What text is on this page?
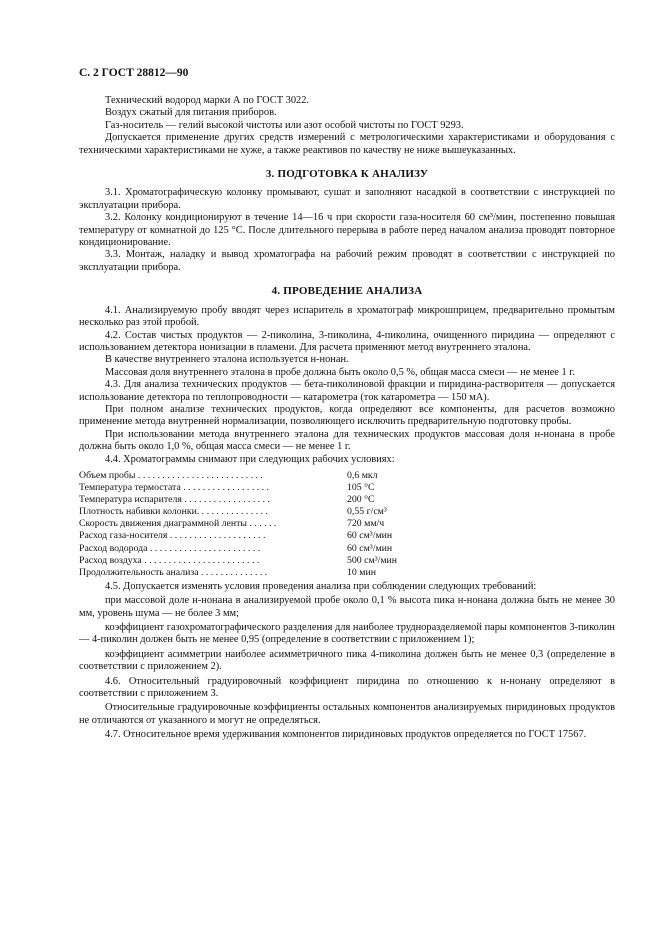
С. 2 ГОСТ 28812—90

Технический водород марки А по ГОСТ 3022.

Воздух сжатый для питания приборов.

Газ-носитель — гелий высокой чистоты или азот особой чистоты по ГОСТ 9293.

Допускается применение других средств измерений с метрологическими характеристиками и оборудования с техническими характеристиками не хуже, а также реактивов по качеству не ниже вышеуказанных.

3. ПОДГОТОВКА К АНАЛИЗУ

3.1. Хроматографическую колонку промывают, сушат и заполняют насадкой в соответствии с инструкцией по эксплуатации прибора.

3.2. Колонку кондиционируют в течение 14—16 ч при скорости газа-носителя 60 см³/мин, постепенно повышая температуру от комнатной до 125 °С. После длительного перерыва в работе перед началом анализа проводят повторное кондиционирование.

3.3. Монтаж, наладку и вывод хроматографа на рабочий режим проводят в соответствии с инструкцией по эксплуатации прибора.

4. ПРОВЕДЕНИЕ АНАЛИЗА

4.1. Анализируемую пробу вводят через испаритель в хроматограф микрошприцем, предварительно промытым несколько раз этой пробой.

4.2. Состав чистых продуктов — 2-пиколина, 3-пиколина, 4-пиколина, очищенного пиридина — определяют с использованием детектора ионизации в пламени. Для расчета применяют метод внутреннего эталона.

В качестве внутреннего эталона используется н-нонан.

Массовая доля внутреннего эталона в пробе должна быть около 0,5 %, общая масса смеси — не менее 1 г.

4.3. Для анализа технических продуктов — бета-пиколиновой фракции и пиридина-растворителя — допускается использование детектора по теплопроводности — катарометра (ток катарометра — 150 мА).

При полном анализе технических продуктов, когда определяют все компоненты, для расчетов возможно применение метода внутренней нормализации, позволяющего исключить предварительную подготовку пробы.

При использовании метода внутреннего эталона для технических продуктов массовая доля н-нонана в пробе должна быть около 1,0 %, общая масса смеси — не менее 1 г.

4.4. Хроматограммы снимают при следующих рабочих условиях:

Объем пробы . . . . . . . . . . . . . . . . . . . . . . . . . .	0,6 мкл
Температура термостата . . . . . . . . . . . . . . . . . .	105 °С
Температура испарителя . . . . . . . . . . . . . . . . . .	200 °С
Плотность набивки колонки. . . . . . . . . . . . . . .	0,55 г/см³
Скорость движения диаграммной ленты . . . . . .	720 мм/ч
Расход газа-носителя . . . . . . . . . . . . . . . . . . . .	60 см³/мин
Расход водорода . . . . . . . . . . . . . . . . . . . . . . .	60 см³/мин
Расход воздуха . . . . . . . . . . . . . . . . . . . . . . . .	500 см³/мин
Продолжительность анализа . . . . . . . . . . . . . .	10 мин

4.5. Допускается изменять условия проведения анализа при соблюдении следующих требований:

при массовой доле н-нонана в анализируемой пробе около 0,1 % высота пика н-нонана должна быть не менее 30 мм, уровень шума — не более 3 мм;

коэффициент газохроматографического разделения для наиболее трудноразделяемой пары компонентов 3-пиколин — 4-пиколин должен быть не менее 0,95 (определение в соответствии с приложением 1);

коэффициент асимметрии наиболее асимметричного пика 4-пиколина должен быть не менее 0,3 (определение в соответствии с приложением 2).

4.6. Относительный градуировочный коэффициент пиридина по отношению к н-нонану определяют в соответствии с приложением 3.

Относительные градуировочные коэффициенты остальных компонентов анализируемых пиридиновых продуктов не отличаются от указанного и могут не определяться.

4.7. Относительное время удерживания компонентов пиридиновых продуктов определяется по ГОСТ 17567.
